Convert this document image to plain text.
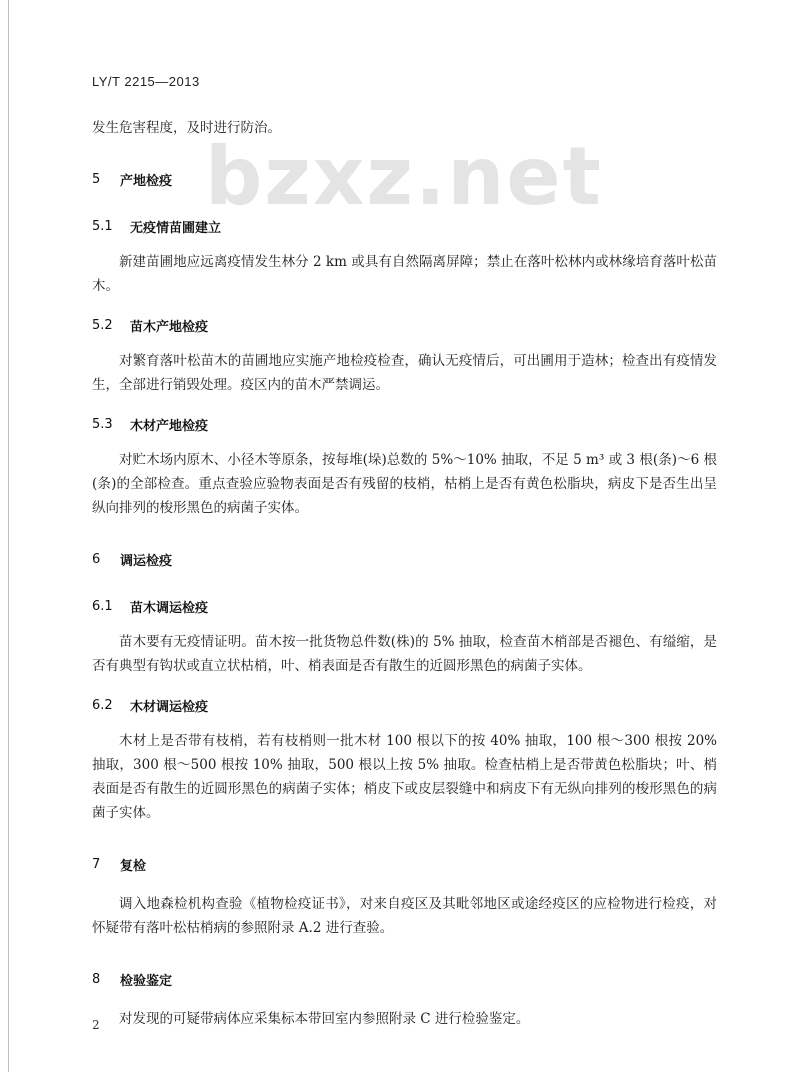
LY/T 2215—2013
bzxz.net

发生危害程度，及时进行防治。

5	产地检疫
5.1	无疫情苗圃建立

新建苗圃地应远离疫情发生林分 2 km 或具有自然隔离屏障；禁止在落叶松林内或林缘培育落叶松苗木。

5.2	苗木产地检疫

对繁育落叶松苗木的苗圃地应实施产地检疫检查，确认无疫情后，可出圃用于造林；检查出有疫情发生，全部进行销毁处理。疫区内的苗木严禁调运。

5.3	木材产地检疫

对贮木场内原木、小径木等原条，按每堆(垛)总数的 5%～10% 抽取，不足 5 m³ 或 3 根(条)～6 根(条)的全部检查。重点查验应验物表面是否有残留的枝梢，枯梢上是否有黄色松脂块，病皮下是否生出呈纵向排列的梭形黑色的病菌子实体。

6	调运检疫
6.1	苗木调运检疫

苗木要有无疫情证明。苗木按一批货物总件数(株)的 5% 抽取，检查苗木梢部是否褪色、有缢缩，是否有典型有钩状或直立状枯梢，叶、梢表面是否有散生的近圆形黑色的病菌子实体。

6.2	木材调运检疫

木材上是否带有枝梢，若有枝梢则一批木材 100 根以下的按 40% 抽取，100 根～300 根按 20% 抽取，300 根～500 根按 10% 抽取，500 根以上按 5% 抽取。检查枯梢上是否带黄色松脂块；叶、梢表面是否有散生的近圆形黑色的病菌子实体；梢皮下或皮层裂缝中和病皮下有无纵向排列的梭形黑色的病菌子实体。

7	复检

调入地森检机构查验《植物检疫证书》，对来自疫区及其毗邻地区或途经疫区的应检物进行检疫，对怀疑带有落叶松枯梢病的参照附录 A.2 进行查验。

8	检验鉴定

对发现的可疑带病体应采集标本带回室内参照附录 C 进行检验鉴定。

2
